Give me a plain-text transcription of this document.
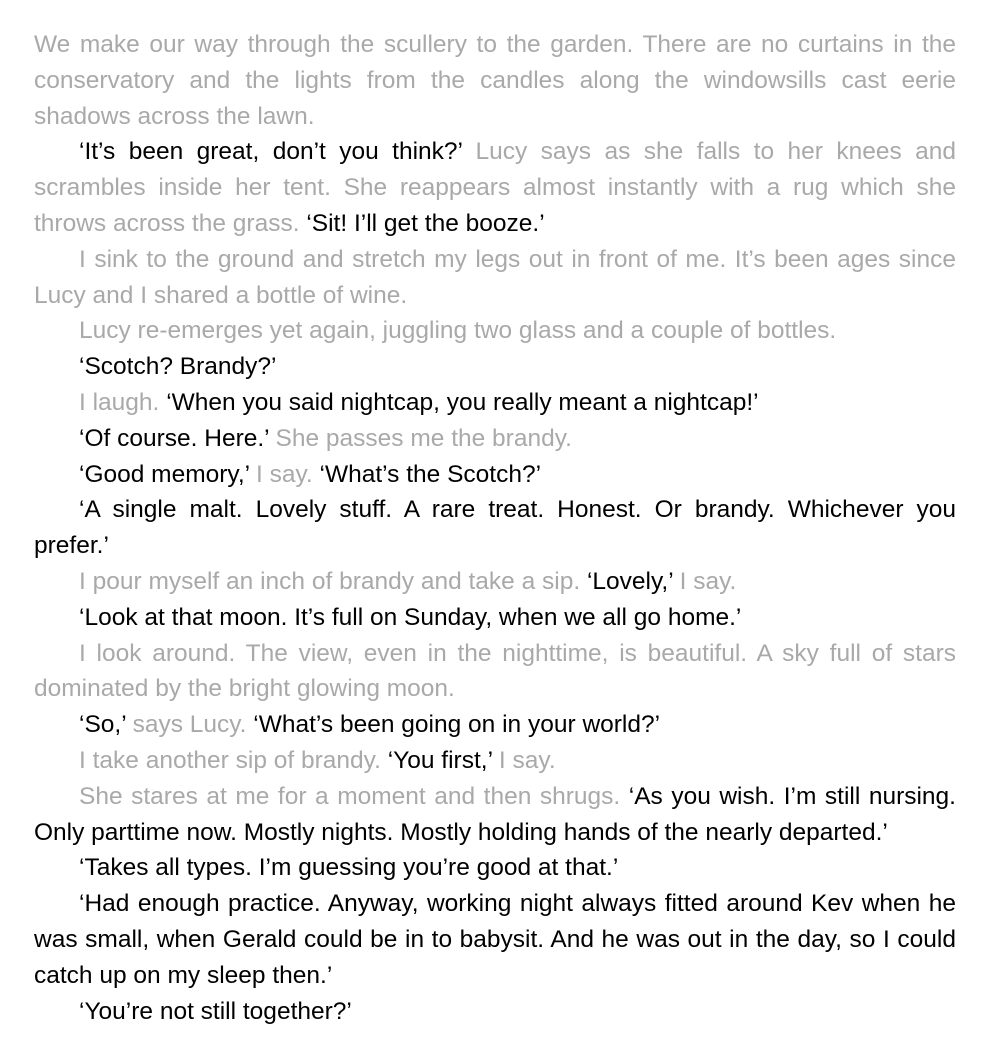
We make our way through the scullery to the garden. There are no curtains in the conservatory and the lights from the candles along the windowsills cast eerie shadows across the lawn.

‘It’s been great, don’t you think?’ Lucy says as she falls to her knees and scrambles inside her tent. She reappears almost instantly with a rug which she throws across the grass. ‘Sit! I’ll get the booze.’

I sink to the ground and stretch my legs out in front of me. It’s been ages since Lucy and I shared a bottle of wine.

Lucy re-emerges yet again, juggling two glass and a couple of bottles.

‘Scotch? Brandy?’

I laugh. ‘When you said nightcap, you really meant a nightcap!’

‘Of course. Here.’ She passes me the brandy.

‘Good memory,’ I say. ‘What’s the Scotch?’

‘A single malt. Lovely stuff. A rare treat. Honest. Or brandy. Whichever you prefer.’

I pour myself an inch of brandy and take a sip. ‘Lovely,’ I say.

‘Look at that moon. It’s full on Sunday, when we all go home.’

I look around. The view, even in the nighttime, is beautiful. A sky full of stars dominated by the bright glowing moon.

‘So,’ says Lucy. ‘What’s been going on in your world?’

I take another sip of brandy. ‘You first,’ I say.

She stares at me for a moment and then shrugs. ‘As you wish. I’m still nursing. Only parttime now. Mostly nights. Mostly holding hands of the nearly departed.’

‘Takes all types. I’m guessing you’re good at that.’

‘Had enough practice. Anyway, working night always fitted around Kev when he was small, when Gerald could be in to babysit. And he was out in the day, so I could catch up on my sleep then.’

‘You’re not still together?’
